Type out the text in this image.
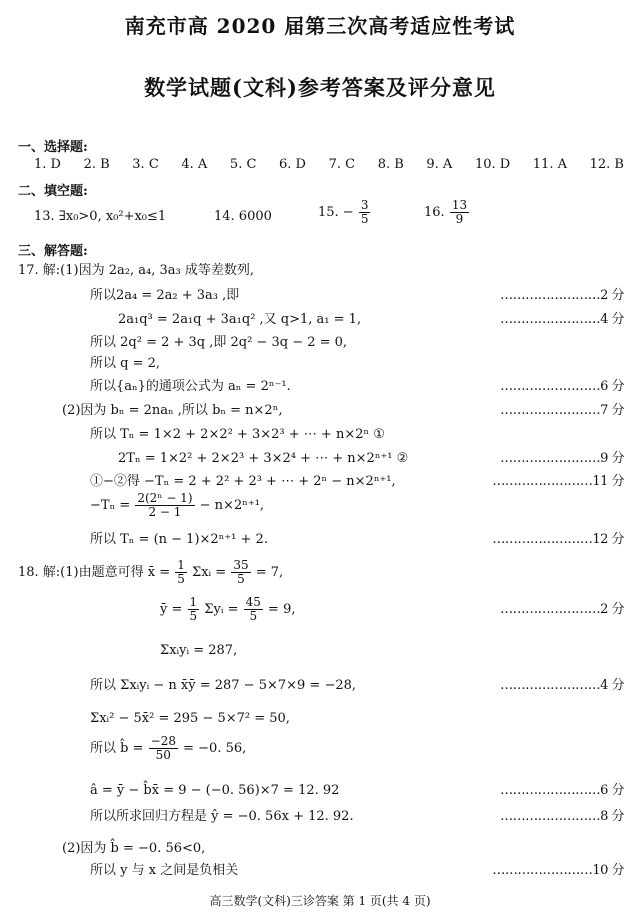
南充市高 2020 届第三次高考适应性考试
数学试题(文科)参考答案及评分意见
一、选择题:
1. D 2. B 3. C 4. A 5. C 6. D 7. C 8. B 9. A 10. D 11. A 12. B
二、填空题:
13. ∃x₀>0, x₀²+x₀≤1	14. 6000	15. − $\frac{3}{5}$	16. $\frac{13}{9}$
三、解答题:
17. 解:(1)因为 2a₂, a₄, 3a₃ 成等差数列,
所以2a₄ = 2a₂ + 3a₃ ,即	……………………2 分
2a₁q³ = 2a₁q + 3a₁q² ,又 q>1, a₁ = 1,	……………………4 分
所以 2q² = 2 + 3q ,即 2q² − 3q − 2 = 0,
所以 q = 2,
所以{aₙ}的通项公式为 aₙ = 2ⁿ⁻¹.	……………………6 分
(2)因为 bₙ = 2naₙ ,所以 bₙ = n×2ⁿ,	……………………7 分
所以 Tₙ = 1×2 + 2×2² + 3×2³ + ⋯ + n×2ⁿ ①
2Tₙ = 1×2² + 2×2³ + 3×2⁴ + ⋯ + n×2ⁿ⁺¹ ②	……………………9 分
①−②得 −Tₙ = 2 + 2² + 2³ + ⋯ + 2ⁿ − n×2ⁿ⁺¹,	……………………11 分
$-T_n = \frac{\text{2(2ⁿ − 1)}}{2 - 1} - n\times 2^{n+1}$,
所以 Tₙ = (n − 1)×2ⁿ⁺¹ + 2.	……………………12 分
18. 解:(1)由题意可得 x̄ = $\frac{1}{5}$ Σxᵢ = $\frac{35}{5} = 7$,
ȳ = $\frac{1}{5}$ Σyᵢ = $\frac{45}{5} = 9$,	……………………2 分
Σxᵢyᵢ = 287,
所以 Σxᵢyᵢ − n x̄ȳ = 287 − 5×7×9 = −28,	……………………4 分
Σxᵢ² − 5x̄² = 295 − 5×7² = 50,
所以 b̂ = $\frac{-28}{50} = -0$. 56,
â = ȳ − b̂x̄ = 9 − (−0. 56)×7 = 12. 92	……………………6 分
所以所求回归方程是 ŷ = −0. 56x + 12. 92.	……………………8 分
(2)因为 b̂ = −0. 56<0,
所以 y 与 x 之间是负相关	……………………10 分
高三数学(文科)三诊答案 第 1 页(共 4 页)
